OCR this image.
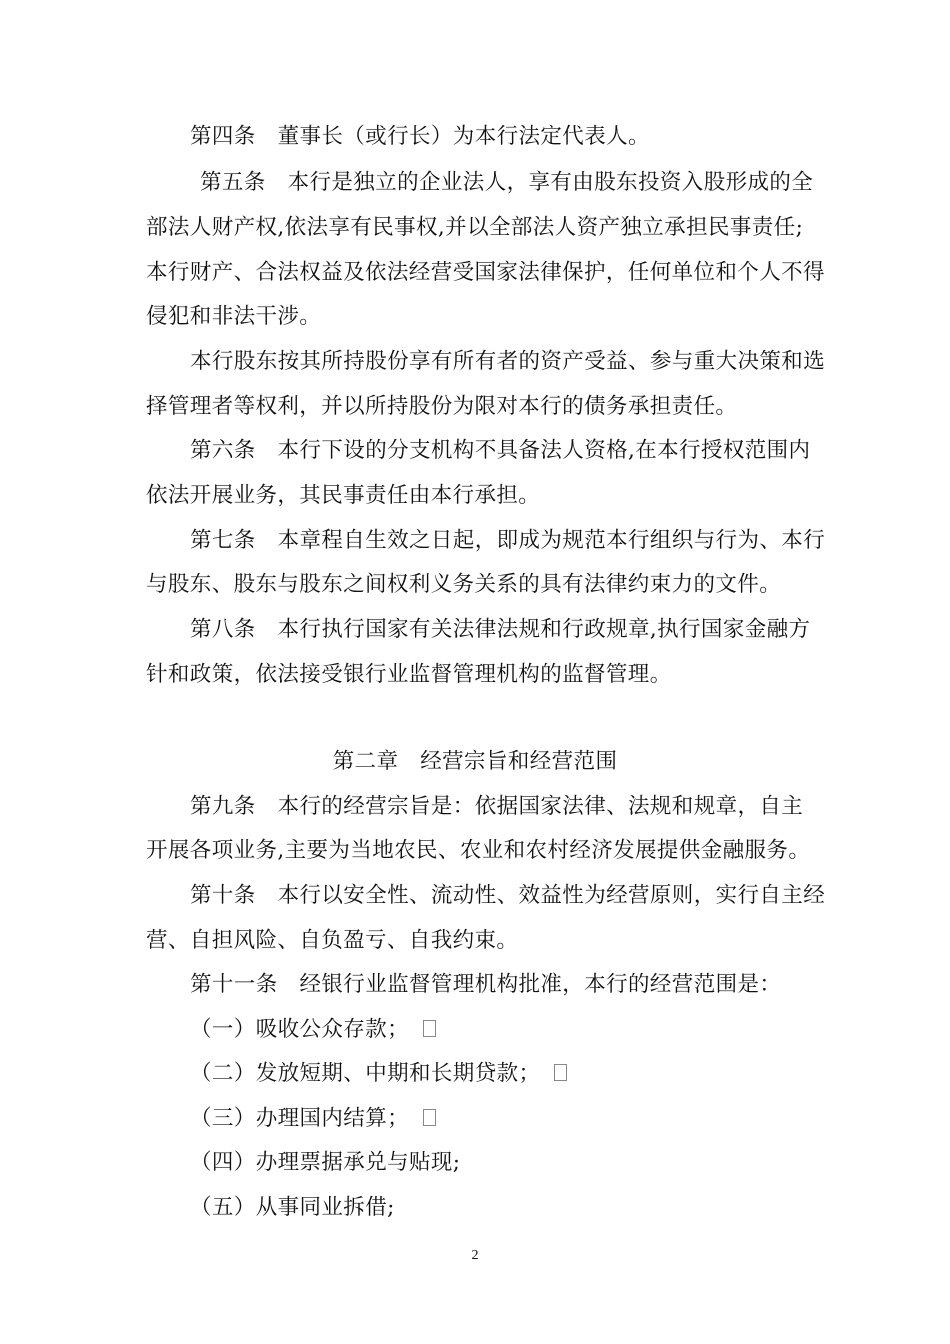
第四条　董事长（或行长）为本行法定代表人。
第五条　本行是独立的企业法人，享有由股东投资入股形成的全
部法人财产权,依法享有民事权,并以全部法人资产独立承担民事责任;
本行财产、合法权益及依法经营受国家法律保护，任何单位和个人不得
侵犯和非法干涉。
本行股东按其所持股份享有所有者的资产受益、参与重大决策和选
择管理者等权利，并以所持股份为限对本行的债务承担责任。
第六条　本行下设的分支机构不具备法人资格,在本行授权范围内
依法开展业务，其民事责任由本行承担。
第七条　本章程自生效之日起，即成为规范本行组织与行为、本行
与股东、股东与股东之间权利义务关系的具有法律约束力的文件。
第八条　本行执行国家有关法律法规和行政规章,执行国家金融方
针和政策，依法接受银行业监督管理机构的监督管理。
第二章　经营宗旨和经营范围
第九条　本行的经营宗旨是：依据国家法律、法规和规章，自主
开展各项业务,主要为当地农民、农业和农村经济发展提供金融服务。
第十条　本行以安全性、流动性、效益性为经营原则，实行自主经
营、自担风险、自负盈亏、自我约束。
第十一条　经银行业监督管理机构批准，本行的经营范围是：
（一）吸收公众存款；
（二）发放短期、中期和长期贷款；
（三）办理国内结算；
（四）办理票据承兑与贴现;
（五）从事同业拆借;
2
